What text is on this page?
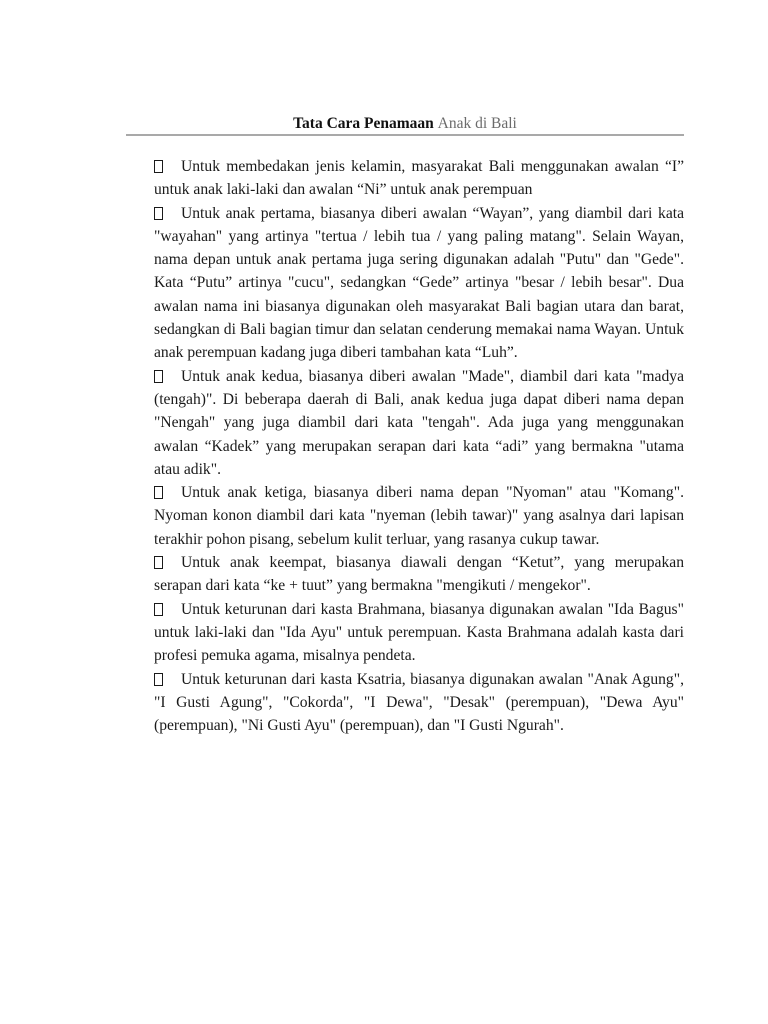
Tata Cara Penamaan Anak di Bali
Untuk membedakan jenis kelamin, masyarakat Bali menggunakan awalan “I” untuk anak laki-laki dan awalan “Ni” untuk anak perempuan
Untuk anak pertama, biasanya diberi awalan “Wayan”, yang diambil dari kata "wayahan" yang artinya "tertua / lebih tua / yang paling matang". Selain Wayan, nama depan untuk anak pertama juga sering digunakan adalah "Putu" dan "Gede". Kata “Putu” artinya "cucu", sedangkan “Gede” artinya "besar / lebih besar". Dua awalan nama ini biasanya digunakan oleh masyarakat Bali bagian utara dan barat, sedangkan di Bali bagian timur dan selatan cenderung memakai nama Wayan. Untuk anak perempuan kadang juga diberi tambahan kata “Luh”.
Untuk anak kedua, biasanya diberi awalan "Made", diambil dari kata "madya (tengah)". Di beberapa daerah di Bali, anak kedua juga dapat diberi nama depan "Nengah" yang juga diambil dari kata "tengah". Ada juga yang menggunakan awalan “Kadek” yang merupakan serapan dari kata “adi” yang bermakna "utama atau adik".
Untuk anak ketiga, biasanya diberi nama depan "Nyoman" atau "Komang". Nyoman konon diambil dari kata "nyeman (lebih tawar)" yang asalnya dari lapisan terakhir pohon pisang, sebelum kulit terluar, yang rasanya cukup tawar.
Untuk anak keempat, biasanya diawali dengan “Ketut”, yang merupakan serapan dari kata “ke + tuut” yang bermakna "mengikuti / mengekor".
Untuk keturunan dari kasta Brahmana, biasanya digunakan awalan "Ida Bagus" untuk laki-laki dan "Ida Ayu" untuk perempuan. Kasta Brahmana adalah kasta dari profesi pemuka agama, misalnya pendeta.
Untuk keturunan dari kasta Ksatria, biasanya digunakan awalan "Anak Agung", "I Gusti Agung", "Cokorda", "I Dewa", "Desak" (perempuan), "Dewa Ayu" (perempuan), "Ni Gusti Ayu" (perempuan), dan "I Gusti Ngurah".
